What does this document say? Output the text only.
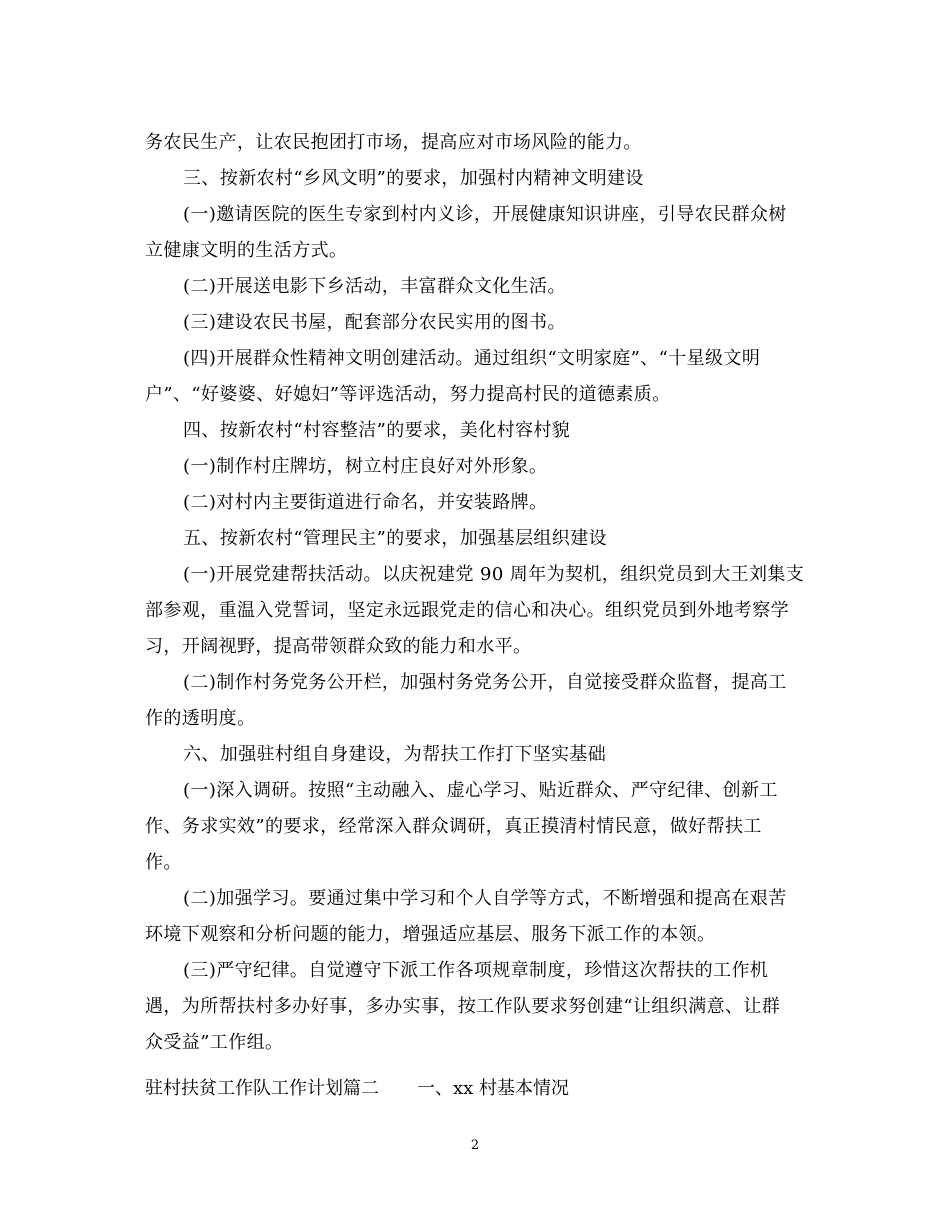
务农民生产，让农民抱团打市场，提高应对市场风险的能力。
三、按新农村“乡风文明”的要求，加强村内精神文明建设
(一)邀请医院的医生专家到村内义诊，开展健康知识讲座，引导农民群众树
立健康文明的生活方式。
(二)开展送电影下乡活动，丰富群众文化生活。
(三)建设农民书屋，配套部分农民实用的图书。
(四)开展群众性精神文明创建活动。通过组织“文明家庭”、“十星级文明
户”、“好婆婆、好媳妇”等评选活动，努力提高村民的道德素质。
四、按新农村“村容整洁”的要求，美化村容村貌
(一)制作村庄牌坊，树立村庄良好对外形象。
(二)对村内主要街道进行命名，并安装路牌。
五、按新农村“管理民主”的要求，加强基层组织建设
(一)开展党建帮扶活动。以庆祝建党 90 周年为契机，组织党员到大王刘集支
部参观，重温入党誓词，坚定永远跟党走的信心和决心。组织党员到外地考察学
习，开阔视野，提高带领群众致的能力和水平。
(二)制作村务党务公开栏，加强村务党务公开，自觉接受群众监督，提高工
作的透明度。
六、加强驻村组自身建设，为帮扶工作打下坚实基础
(一)深入调研。按照“主动融入、虚心学习、贴近群众、严守纪律、创新工
作、务求实效”的要求，经常深入群众调研，真正摸清村情民意，做好帮扶工
作。
(二)加强学习。要通过集中学习和个人自学等方式，不断增强和提高在艰苦
环境下观察和分析问题的能力，增强适应基层、服务下派工作的本领。
(三)严守纪律。自觉遵守下派工作各项规章制度，珍惜这次帮扶的工作机
遇，为所帮扶村多办好事，多办实事，按工作队要求努创建“让组织满意、让群
众受益”工作组。
驻村扶贫工作队工作计划篇二 一、xx 村基本情况
2
